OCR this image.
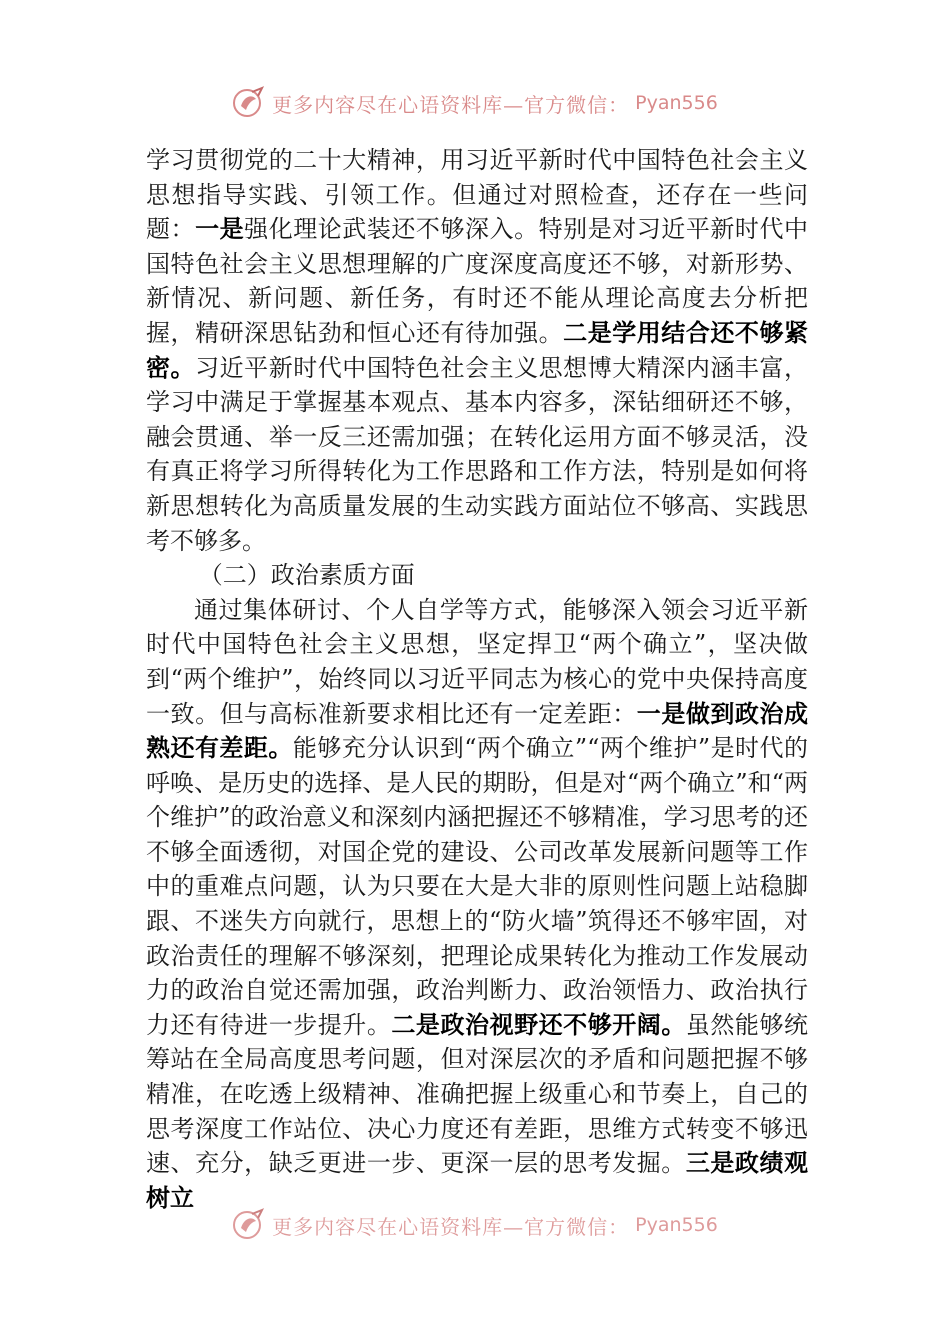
更多内容尽在心语资料库—官方微信： Pyan556

学习贯彻党的二十大精神，用习近平新时代中国特色社会主义思想指导实践、引领工作。但通过对照检查，还存在一些问题：一是强化理论武装还不够深入。特别是对习近平新时代中国特色社会主义思想理解的广度深度高度还不够，对新形势、新情况、新问题、新任务，有时还不能从理论高度去分析把握，精研深思钻劲和恒心还有待加强。二是学用结合还不够紧密。习近平新时代中国特色社会主义思想博大精深内涵丰富，学习中满足于掌握基本观点、基本内容多，深钻细研还不够，融会贯通、举一反三还需加强；在转化运用方面不够灵活，没有真正将学习所得转化为工作思路和工作方法，特别是如何将新思想转化为高质量发展的生动实践方面站位不够高、实践思考不够多。

（二）政治素质方面

通过集体研讨、个人自学等方式，能够深入领会习近平新时代中国特色社会主义思想，坚定捍卫“两个确立”，坚决做到“两个维护”，始终同以习近平同志为核心的党中央保持高度一致。但与高标准新要求相比还有一定差距：一是做到政治成熟还有差距。能够充分认识到“两个确立”“两个维护”是时代的呼唤、是历史的选择、是人民的期盼，但是对“两个确立”和“两个维护”的政治意义和深刻内涵把握还不够精准，学习思考的还不够全面透彻，对国企党的建设、公司改革发展新问题等工作中的重难点问题，认为只要在大是大非的原则性问题上站稳脚跟、不迷失方向就行，思想上的“防火墙”筑得还不够牢固，对政治责任的理解不够深刻，把理论成果转化为推动工作发展动力的政治自觉还需加强，政治判断力、政治领悟力、政治执行力还有待进一步提升。二是政治视野还不够开阔。虽然能够统筹站在全局高度思考问题，但对深层次的矛盾和问题把握不够精准，在吃透上级精神、准确把握上级重心和节奏上，自己的思考深度工作站位、决心力度还有差距，思维方式转变不够迅速、充分，缺乏更进一步、更深一层的思考发掘。三是政绩观树立

更多内容尽在心语资料库—官方微信： Pyan556
